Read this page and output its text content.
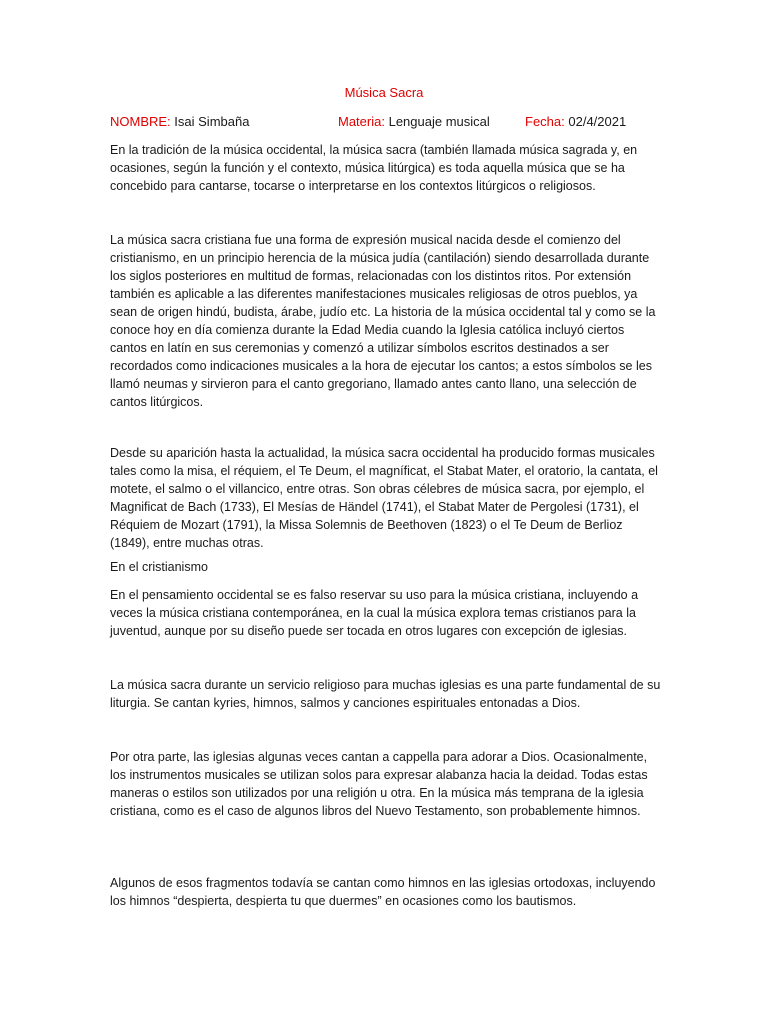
Música Sacra
NOMBRE: Isai Simbaña	Materia: Lenguaje musical	Fecha: 02/4/2021

En la tradición de la música occidental, la música sacra (también llamada música sagrada y, en ocasiones, según la función y el contexto, música litúrgica) es toda aquella música que se ha concebido para cantarse, tocarse o interpretarse en los contextos litúrgicos o religiosos.

La música sacra cristiana fue una forma de expresión musical nacida desde el comienzo del cristianismo, en un principio herencia de la música judía (cantilación) siendo desarrollada durante los siglos posteriores en multitud de formas, relacionadas con los distintos ritos. Por extensión también es aplicable a las diferentes manifestaciones musicales religiosas de otros pueblos, ya sean de origen hindú, budista, árabe, judío etc. La historia de la música occidental tal y como se la conoce hoy en día comienza durante la Edad Media cuando la Iglesia católica incluyó ciertos cantos en latín en sus ceremonias y comenzó a utilizar símbolos escritos destinados a ser recordados como indicaciones musicales a la hora de ejecutar los cantos; a estos símbolos se les llamó neumas y sirvieron para el canto gregoriano, llamado antes canto llano, una selección de cantos litúrgicos.

Desde su aparición hasta la actualidad, la música sacra occidental ha producido formas musicales tales como la misa, el réquiem, el Te Deum, el magníficat, el Stabat Mater, el oratorio, la cantata, el motete, el salmo o el villancico, entre otras. Son obras célebres de música sacra, por ejemplo, el Magnificat de Bach (1733), El Mesías de Händel (1741), el Stabat Mater de Pergolesi (1731), el Réquiem de Mozart (1791), la Missa Solemnis de Beethoven (1823) o el Te Deum de Berlioz (1849), entre muchas otras.

En el cristianismo

En el pensamiento occidental se es falso reservar su uso para la música cristiana, incluyendo a veces la música cristiana contemporánea, en la cual la música explora temas cristianos para la juventud, aunque por su diseño puede ser tocada en otros lugares con excepción de iglesias.

La música sacra durante un servicio religioso para muchas iglesias es una parte fundamental de su liturgia. Se cantan kyries, himnos, salmos y canciones espirituales entonadas a Dios.

Por otra parte, las iglesias algunas veces cantan a cappella para adorar a Dios. Ocasionalmente, los instrumentos musicales se utilizan solos para expresar alabanza hacia la deidad. Todas estas maneras o estilos son utilizados por una religión u otra. En la música más temprana de la iglesia cristiana, como es el caso de algunos libros del Nuevo Testamento, son probablemente himnos.

Algunos de esos fragmentos todavía se cantan como himnos en las iglesias ortodoxas, incluyendo los himnos “despierta, despierta tu que duermes” en ocasiones como los bautismos.
